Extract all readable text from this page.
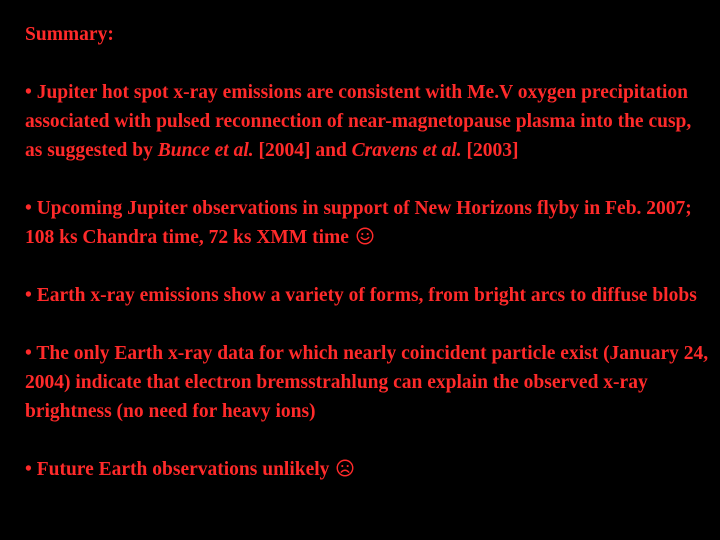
Summary:
• Jupiter hot spot x-ray emissions are consistent with Me.V oxygen precipitation associated with pulsed reconnection of near-magnetopause plasma into the cusp, as suggested by Bunce et al. [2004] and Cravens et al. [2003]
• Upcoming Jupiter observations in support of New Horizons flyby in Feb. 2007; 108 ks Chandra time, 72 ks XMM time
• Earth x-ray emissions show a variety of forms, from bright arcs to diffuse blobs
• The only Earth x-ray data for which nearly coincident particle exist (January 24, 2004) indicate that electron bremsstrahlung can explain the observed x-ray brightness (no need for heavy ions)
• Future Earth observations unlikely
